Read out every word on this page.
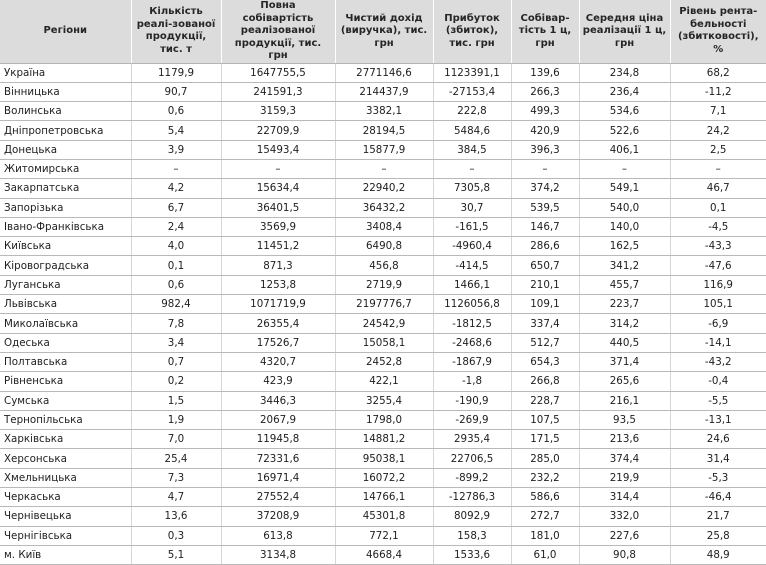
Регіони	Кількість реалі-зованої продукції, тис. т	Повна собівартість реалізованої продукції, тис. грн	Чистий дохід (виручка), тис. грн	Прибуток (збиток), тис. грн	Собівар-тість 1 ц, грн	Середня ціна реалізації 1 ц, грн	Рівень рента-бельності (збитковості), %
Україна	1179,9	1647755,5	2771146,6	1123391,1	139,6	234,8	68,2
Вінницька	90,7	241591,3	214437,9	-27153,4	266,3	236,4	-11,2
Волинська	0,6	3159,3	3382,1	222,8	499,3	534,6	7,1
Дніпропетровська	5,4	22709,9	28194,5	5484,6	420,9	522,6	24,2
Донецька	3,9	15493,4	15877,9	384,5	396,3	406,1	2,5
Житомирська	–	–	–	–	–	–	–
Закарпатська	4,2	15634,4	22940,2	7305,8	374,2	549,1	46,7
Запорізька	6,7	36401,5	36432,2	30,7	539,5	540,0	0,1
Івано-Франківська	2,4	3569,9	3408,4	-161,5	146,7	140,0	-4,5
Київська	4,0	11451,2	6490,8	-4960,4	286,6	162,5	-43,3
Кіровоградська	0,1	871,3	456,8	-414,5	650,7	341,2	-47,6
Луганська	0,6	1253,8	2719,9	1466,1	210,1	455,7	116,9
Львівська	982,4	1071719,9	2197776,7	1126056,8	109,1	223,7	105,1
Миколаївська	7,8	26355,4	24542,9	-1812,5	337,4	314,2	-6,9
Одеська	3,4	17526,7	15058,1	-2468,6	512,7	440,5	-14,1
Полтавська	0,7	4320,7	2452,8	-1867,9	654,3	371,4	-43,2
Рівненська	0,2	423,9	422,1	-1,8	266,8	265,6	-0,4
Сумська	1,5	3446,3	3255,4	-190,9	228,7	216,1	-5,5
Тернопільська	1,9	2067,9	1798,0	-269,9	107,5	93,5	-13,1
Харківська	7,0	11945,8	14881,2	2935,4	171,5	213,6	24,6
Херсонська	25,4	72331,6	95038,1	22706,5	285,0	374,4	31,4
Хмельницька	7,3	16971,4	16072,2	-899,2	232,2	219,9	-5,3
Черкаська	4,7	27552,4	14766,1	-12786,3	586,6	314,4	-46,4
Чернівецька	13,6	37208,9	45301,8	8092,9	272,7	332,0	21,7
Чернігівська	0,3	613,8	772,1	158,3	181,0	227,6	25,8
м. Київ	5,1	3134,8	4668,4	1533,6	61,0	90,8	48,9
